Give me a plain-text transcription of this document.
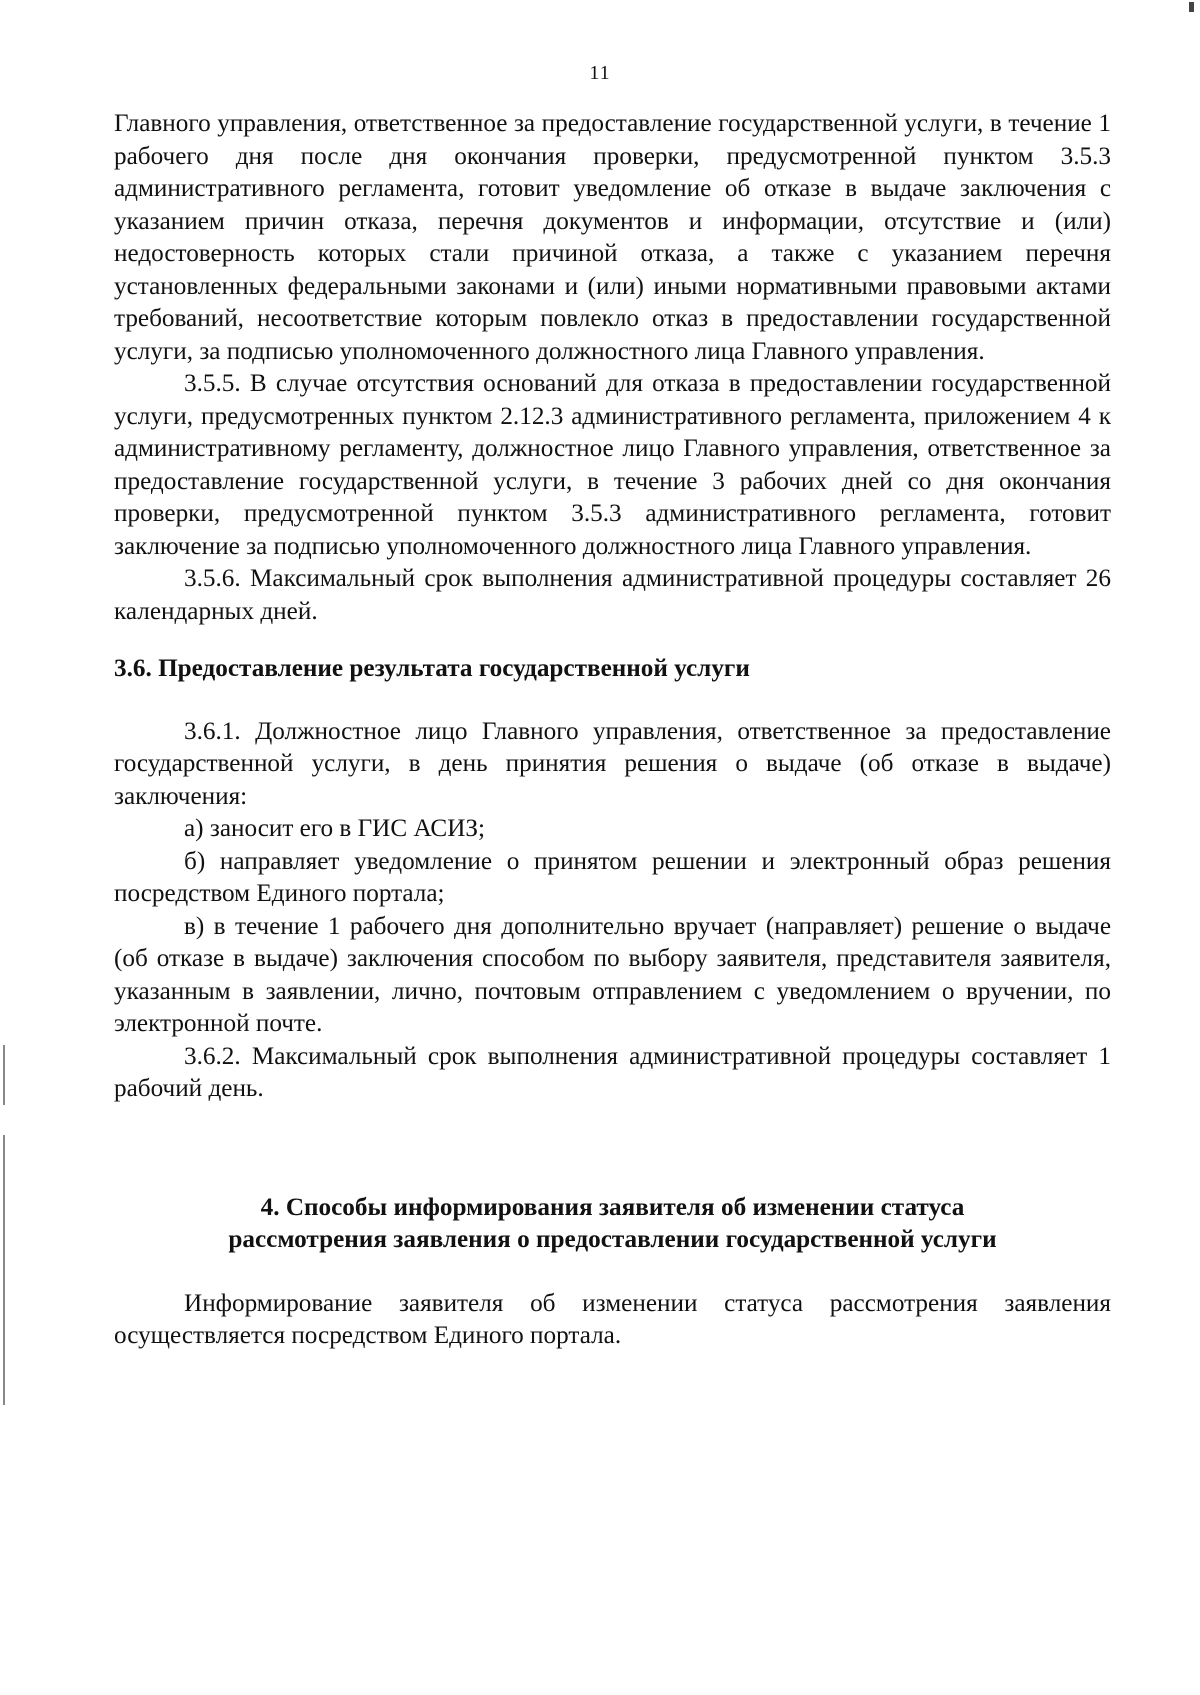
11

Главного управления, ответственное за предоставление государственной услуги, в течение 1 рабочего дня после дня окончания проверки, предусмотренной пунктом 3.5.3 административного регламента, готовит уведомление об отказе в выдаче заключения с указанием причин отказа, перечня документов и информации, отсутствие и (или) недостоверность которых стали причиной отказа, а также с указанием перечня установленных федеральными законами и (или) иными нормативными правовыми актами требований, несоответствие которым повлекло отказ в предоставлении государственной услуги, за подписью уполномоченного должностного лица Главного управления.

3.5.5. В случае отсутствия оснований для отказа в предоставлении государственной услуги, предусмотренных пунктом 2.12.3 административного регламента, приложением 4 к административному регламенту, должностное лицо Главного управления, ответственное за предоставление государственной услуги, в течение 3 рабочих дней со дня окончания проверки, предусмотренной пунктом 3.5.3 административного регламента, готовит заключение за подписью уполномоченного должностного лица Главного управления.

3.5.6. Максимальный срок выполнения административной процедуры составляет 26 календарных дней.

3.6. Предоставление результата государственной услуги

3.6.1. Должностное лицо Главного управления, ответственное за предоставление государственной услуги, в день принятия решения о выдаче (об отказе в выдаче) заключения:

а) заносит его в ГИС АСИЗ;

б) направляет уведомление о принятом решении и электронный образ решения посредством Единого портала;

в) в течение 1 рабочего дня дополнительно вручает (направляет) решение о выдаче (об отказе в выдаче) заключения способом по выбору заявителя, представителя заявителя, указанным в заявлении, лично, почтовым отправлением с уведомлением о вручении, по электронной почте.

3.6.2. Максимальный срок выполнения административной процедуры составляет 1 рабочий день.

4. Способы информирования заявителя об изменении статуса
рассмотрения заявления о предоставлении государственной услуги

Информирование заявителя об изменении статуса рассмотрения заявления осуществляется посредством Единого портала.
